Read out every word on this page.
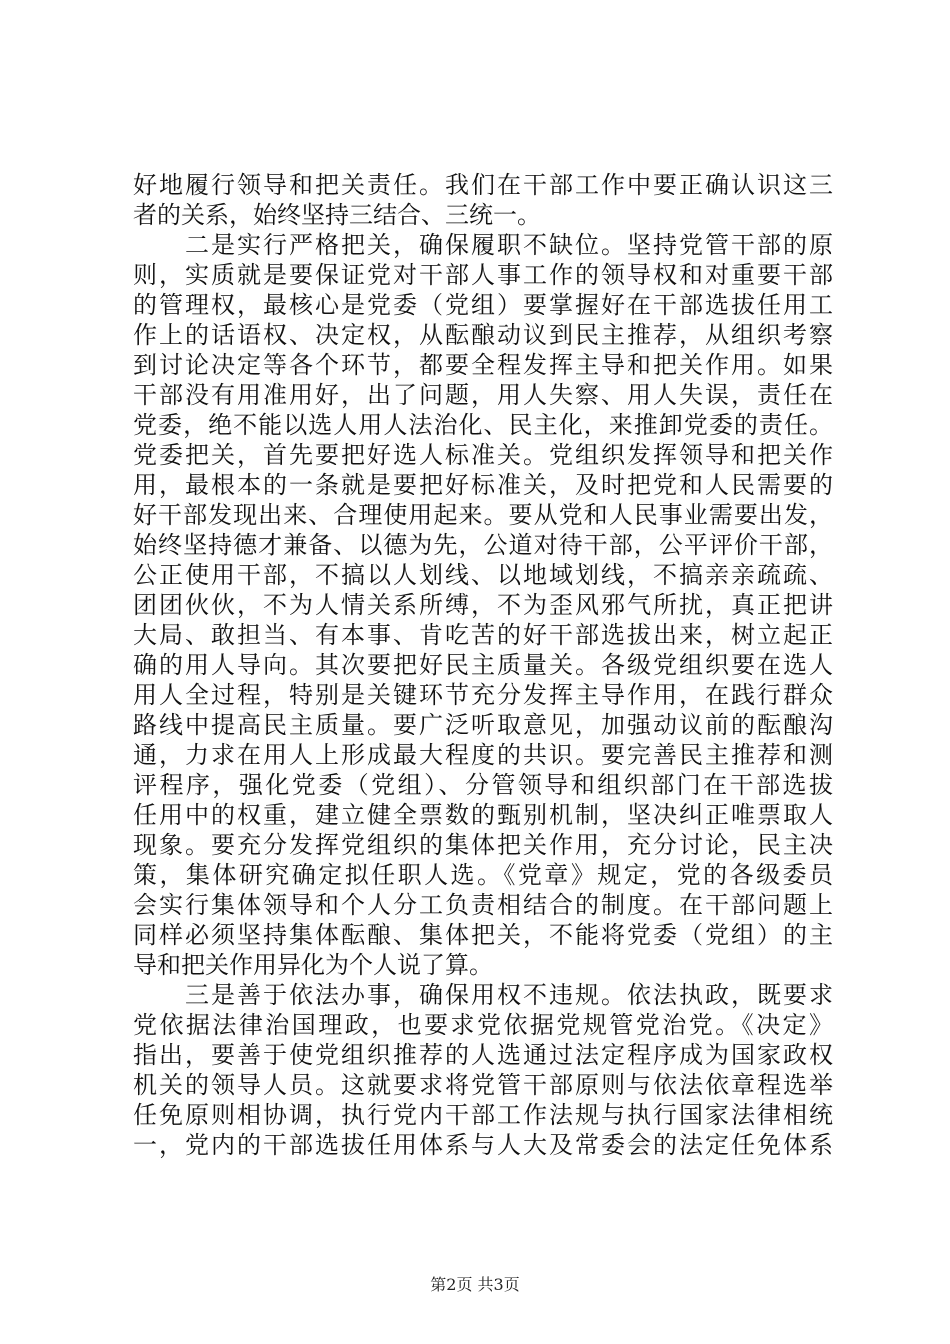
好地履行领导和把关责任。我们在干部工作中要正确认识这三
者的关系，始终坚持三结合、三统一。
　　二是实行严格把关，确保履职不缺位。坚持党管干部的原
则，实质就是要保证党对干部人事工作的领导权和对重要干部
的管理权，最核心是党委（党组）要掌握好在干部选拔任用工
作上的话语权、决定权，从酝酿动议到民主推荐，从组织考察
到讨论决定等各个环节，都要全程发挥主导和把关作用。如果
干部没有用准用好，出了问题，用人失察、用人失误，责任在
党委，绝不能以选人用人法治化、民主化，来推卸党委的责任。
党委把关，首先要把好选人标准关。党组织发挥领导和把关作
用，最根本的一条就是要把好标准关，及时把党和人民需要的
好干部发现出来、合理使用起来。要从党和人民事业需要出发，
始终坚持德才兼备、以德为先，公道对待干部，公平评价干部，
公正使用干部，不搞以人划线、以地域划线，不搞亲亲疏疏、
团团伙伙，不为人情关系所缚，不为歪风邪气所扰，真正把讲
大局、敢担当、有本事、肯吃苦的好干部选拔出来，树立起正
确的用人导向。其次要把好民主质量关。各级党组织要在选人
用人全过程，特别是关键环节充分发挥主导作用，在践行群众
路线中提高民主质量。要广泛听取意见，加强动议前的酝酿沟
通，力求在用人上形成最大程度的共识。要完善民主推荐和测
评程序，强化党委（党组）、分管领导和组织部门在干部选拔
任用中的权重，建立健全票数的甄别机制，坚决纠正唯票取人
现象。要充分发挥党组织的集体把关作用，充分讨论，民主决
策，集体研究确定拟任职人选。《党章》规定，党的各级委员
会实行集体领导和个人分工负责相结合的制度。在干部问题上
同样必须坚持集体酝酿、集体把关，不能将党委（党组）的主
导和把关作用异化为个人说了算。
　　三是善于依法办事，确保用权不违规。依法执政，既要求
党依据法律治国理政，也要求党依据党规管党治党。《决定》
指出，要善于使党组织推荐的人选通过法定程序成为国家政权
机关的领导人员。这就要求将党管干部原则与依法依章程选举
任免原则相协调，执行党内干部工作法规与执行国家法律相统
一，党内的干部选拔任用体系与人大及常委会的法定任免体系
第2页 共3页
